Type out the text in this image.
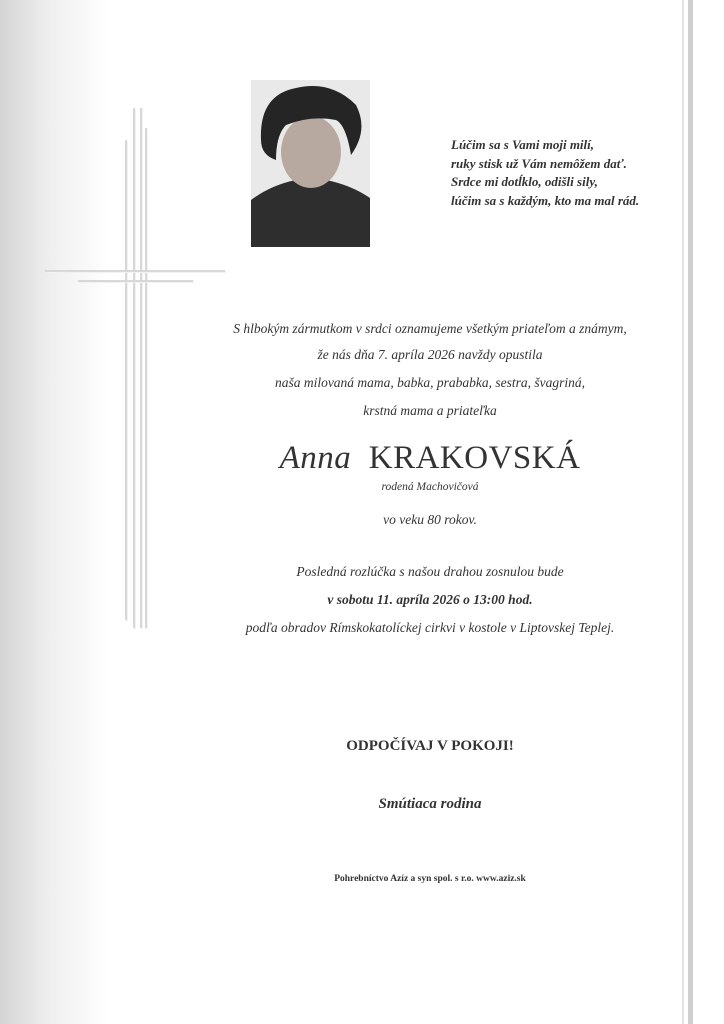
Lúčim sa s Vami moji milí,
ruky stisk už Vám nemôžem dať.
Srdce mi dotĺklo, odišli sily,
lúčim sa s každým, kto ma mal rád.
S hlbokým zármutkom v srdci oznamujeme všetkým priateľom a známym,
že nás dňa 7. apríla 2026 navždy opustila
naša milovaná mama, babka, prababka, sestra, švagriná,
krstná mama a priateľka
Anna KRAKOVSKÁ
rodená Machovičová
vo veku 80 rokov.
Posledná rozlúčka s našou drahou zosnulou bude
v sobotu 11. apríla 2026 o 13:00 hod.
podľa obradov Rímskokatolíckej cirkvi v kostole v Liptovskej Teplej.
ODPOČÍVAJ V POKOJI!
Smútiaca rodina
Pohrebníctvo Azíz a syn spol. s r.o. www.aziz.sk
